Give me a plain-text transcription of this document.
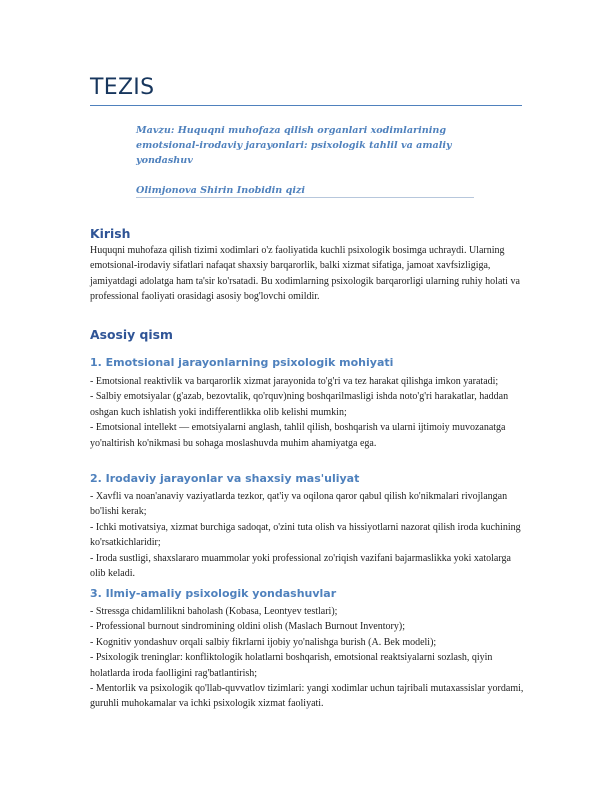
TEZIS

Mavzu: Huquqni muhofaza qilish organlari xodimlarining emotsional-irodaviy jarayonlari: psixologik tahlil va amaliy yondashuv

Olimjonova Shirin Inobidin qizi

Kirish

Huquqni muhofaza qilish tizimi xodimlari o'z faoliyatida kuchli psixologik bosimga uchraydi. Ularning emotsional-irodaviy sifatlari nafaqat shaxsiy barqarorlik, balki xizmat sifatiga, jamoat xavfsizligiga, jamiyatdagi adolatga ham ta'sir ko'rsatadi. Bu xodimlarning psixologik barqarorligi ularning ruhiy holati va professional faoliyati orasidagi asosiy bog'lovchi omildir.

Asosiy qism
1. Emotsional jarayonlarning psixologik mohiyati
- Emotsional reaktivlik va barqarorlik xizmat jarayonida to'g'ri va tez harakat qilishga imkon yaratadi;
- Salbiy emotsiyalar (g'azab, bezovtalik, qo'rquv)ning boshqarilmasligi ishda noto'g'ri harakatlar, haddan oshgan kuch ishlatish yoki indifferentlikka olib kelishi mumkin;
- Emotsional intellekt — emotsiyalarni anglash, tahlil qilish, boshqarish va ularni ijtimoiy muvozanatga yo'naltirish ko'nikmasi bu sohaga moslashuvda muhim ahamiyatga ega.
2. Irodaviy jarayonlar va shaxsiy mas'uliyat
- Xavfli va noan'anaviy vaziyatlarda tezkor, qat'iy va oqilona qaror qabul qilish ko'nikmalari rivojlangan bo'lishi kerak;
- Ichki motivatsiya, xizmat burchiga sadoqat, o'zini tuta olish va hissiyotlarni nazorat qilish iroda kuchining ko'rsatkichlaridir;
- Iroda sustligi, shaxslararo muammolar yoki professional zo'riqish vazifani bajarmaslikka yoki xatolarga olib keladi.
3. Ilmiy-amaliy psixologik yondashuvlar
- Stressga chidamlilikni baholash (Kobasa, Leontyev testlari);
- Professional burnout sindromining oldini olish (Maslach Burnout Inventory);
- Kognitiv yondashuv orqali salbiy fikrlarni ijobiy yo'nalishga burish (A. Bek modeli);
- Psixologik treninglar: konfliktologik holatlarni boshqarish, emotsional reaktsiyalarni sozlash, qiyin holatlarda iroda faolligini rag'batlantirish;
- Mentorlik va psixologik qo'llab-quvvatlov tizimlari: yangi xodimlar uchun tajribali mutaxassislar yordami, guruhli muhokamalar va ichki psixologik xizmat faoliyati.
